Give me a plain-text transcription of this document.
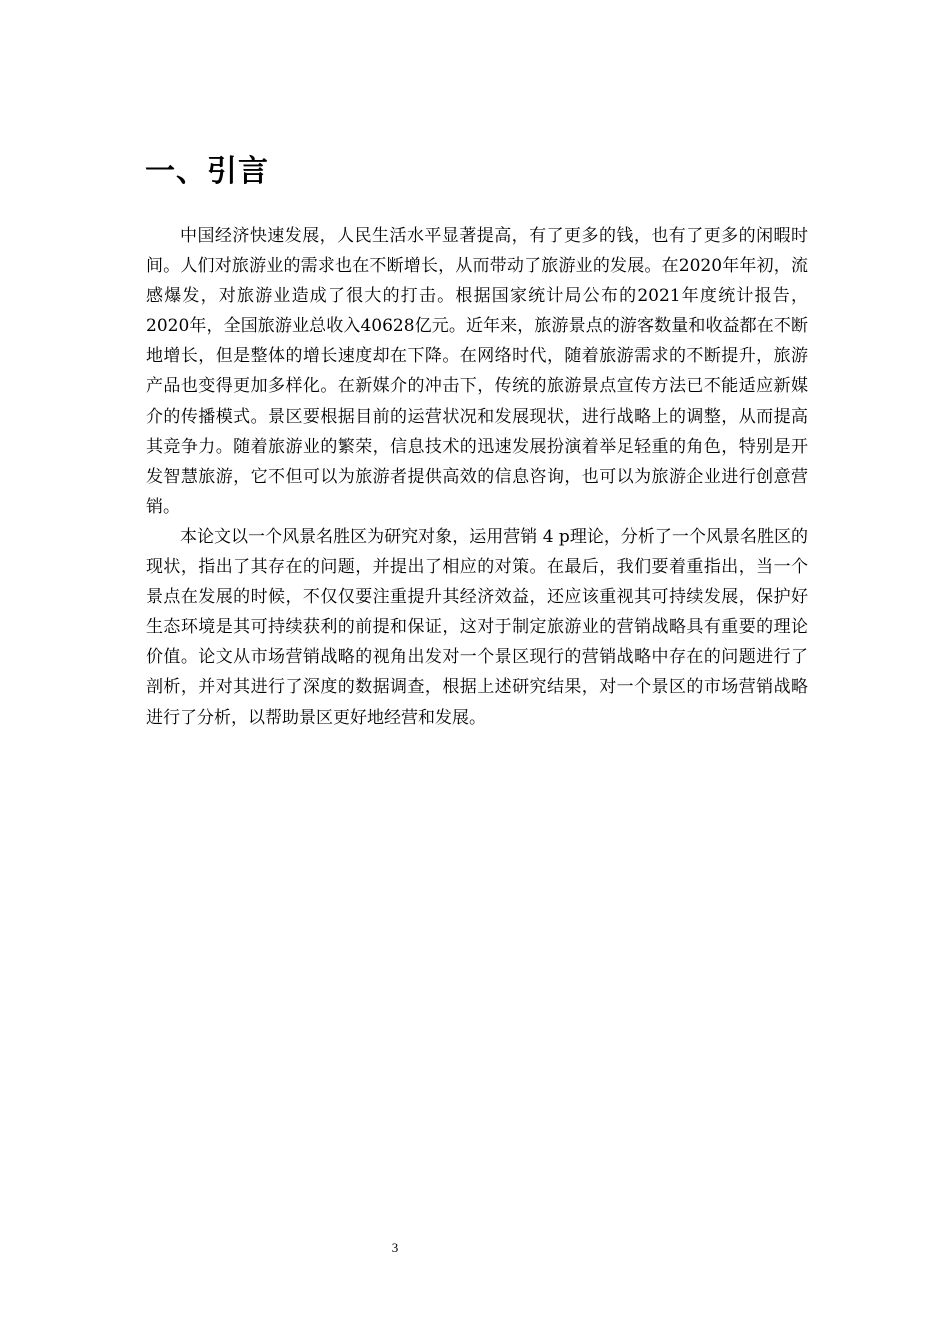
一、引言

中国经济快速发展，人民生活水平显著提高，有了更多的钱，也有了更多的闲暇时间。人们对旅游业的需求也在不断增长，从而带动了旅游业的发展。在2020年年初，流感爆发，对旅游业造成了很大的打击。根据国家统计局公布的2021年度统计报告，2020年，全国旅游业总收入40628亿元。近年来，旅游景点的游客数量和收益都在不断地增长，但是整体的增长速度却在下降。在网络时代，随着旅游需求的不断提升，旅游产品也变得更加多样化。在新媒介的冲击下，传统的旅游景点宣传方法已不能适应新媒介的传播模式。景区要根据目前的运营状况和发展现状，进行战略上的调整，从而提高其竞争力。随着旅游业的繁荣，信息技术的迅速发展扮演着举足轻重的角色，特别是开发智慧旅游，它不但可以为旅游者提供高效的信息咨询，也可以为旅游企业进行创意营销。

本论文以一个风景名胜区为研究对象，运用营销 4 p理论，分析了一个风景名胜区的现状，指出了其存在的问题，并提出了相应的对策。在最后，我们要着重指出，当一个景点在发展的时候，不仅仅要注重提升其经济效益，还应该重视其可持续发展，保护好生态环境是其可持续获利的前提和保证，这对于制定旅游业的营销战略具有重要的理论价值。论文从市场营销战略的视角出发对一个景区现行的营销战略中存在的问题进行了剖析，并对其进行了深度的数据调查，根据上述研究结果，对一个景区的市场营销战略进行了分析，以帮助景区更好地经营和发展。

3
